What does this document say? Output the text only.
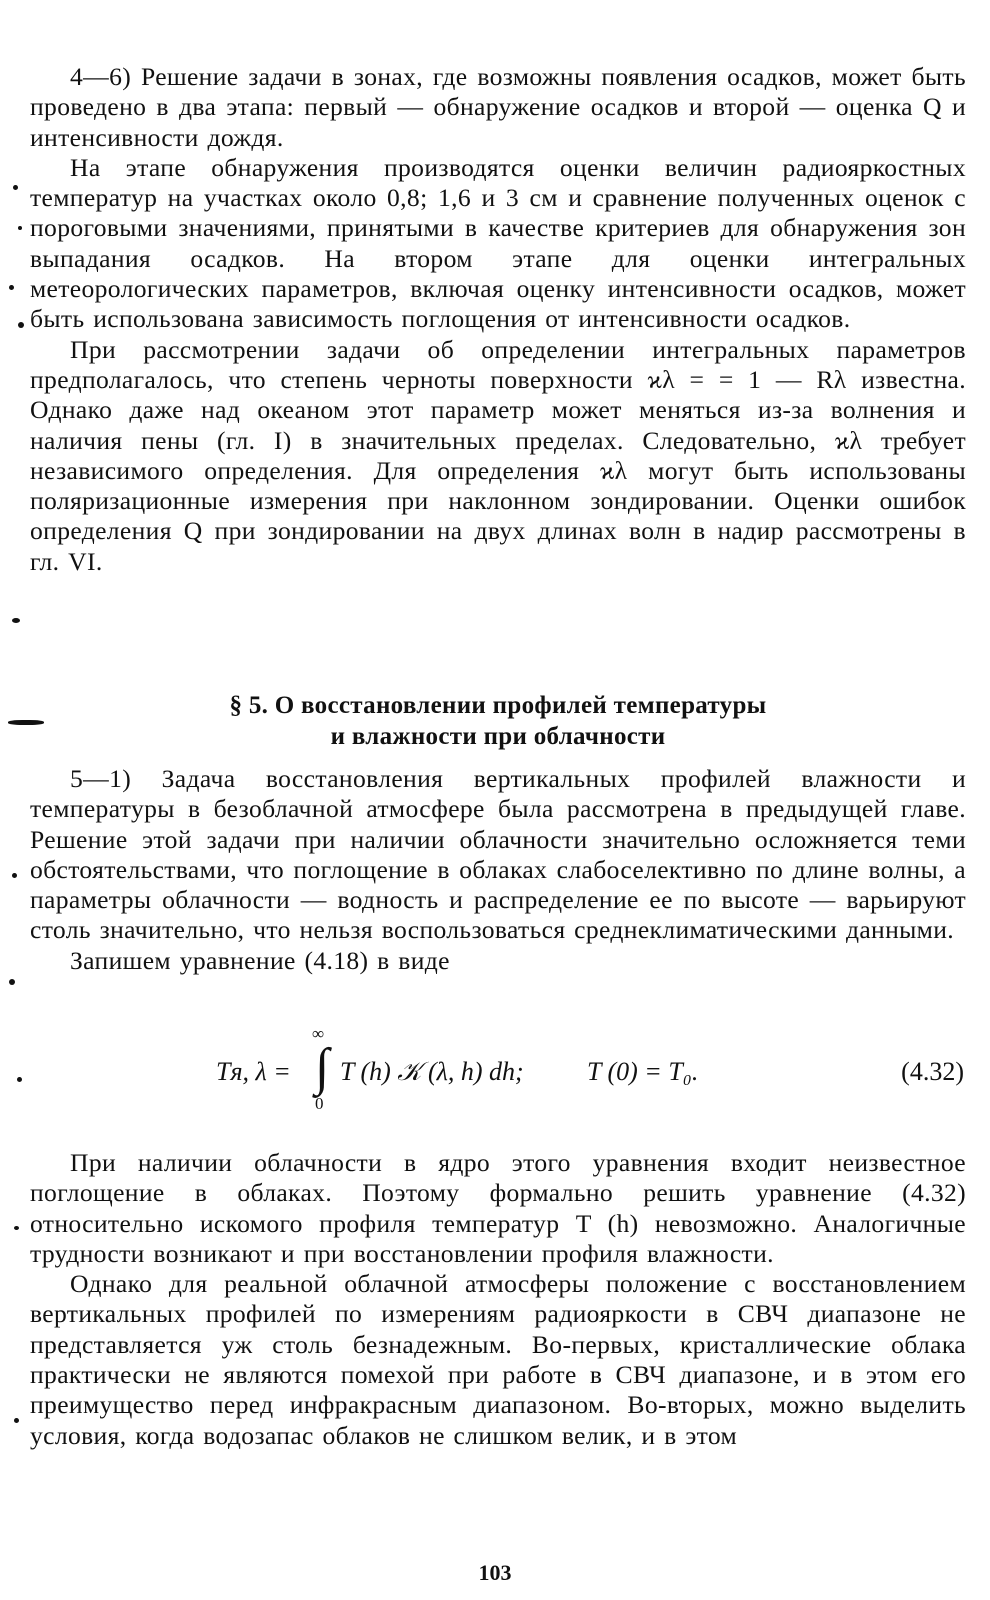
4—6) Решение задачи в зонах, где возможны появления осадков, может быть проведено в два этапа: первый — обнаружение осадков и второй — оценка Q и интенсивности дождя.

На этапе обнаружения производятся оценки величин радиояркостных температур на участках около 0,8; 1,6 и 3 см и сравнение полученных оценок с пороговыми значениями, принятыми в качестве критериев для обнаружения зон выпадания осадков. На втором этапе для оценки интегральных метеорологических параметров, включая оценку интенсивности осадков, может быть использована зависимость поглощения от интенсивности осадков.

При рассмотрении задачи об определении интегральных параметров предполагалось, что степень черноты поверхности ϰλ = = 1 — Rλ известна. Однако даже над океаном этот параметр может меняться из-за волнения и наличия пены (гл. I) в значительных пределах. Следовательно, ϰλ требует независимого определения. Для определения ϰλ могут быть использованы поляризационные измерения при наклонном зондировании. Оценки ошибок определения Q при зондировании на двух длинах волн в надир рассмотрены в гл. VI.

§ 5. О восстановлении профилей температуры
и влажности при облачности

5—1) Задача восстановления вертикальных профилей влажности и температуры в безоблачной атмосфере была рассмотрена в предыдущей главе. Решение этой задачи при наличии облачности значительно осложняется теми обстоятельствами, что поглощение в облаках слабоселективно по длине волны, а параметры облачности — водность и распределение ее по высоте — варьируют столь значительно, что нельзя воспользоваться среднеклиматическими данными.

Запишем уравнение (4.18) в виде

Tя, λ =
∞
∫
0
T (h) 𝒦 (λ, h) dh; T (0) = T₀.	(4.32)

При наличии облачности в ядро этого уравнения входит неизвестное поглощение в облаках. Поэтому формально решить уравнение (4.32) относительно искомого профиля температур T (h) невозможно. Аналогичные трудности возникают и при восстановлении профиля влажности.

Однако для реальной облачной атмосферы положение с восстановлением вертикальных профилей по измерениям радиояркости в СВЧ диапазоне не представляется уж столь безнадежным. Во-первых, кристаллические облака практически не являются помехой при работе в СВЧ диапазоне, и в этом его преимущество перед инфракрасным диапазоном. Во-вторых, можно выделить условия, когда водозапас облаков не слишком велик, и в этом

103
